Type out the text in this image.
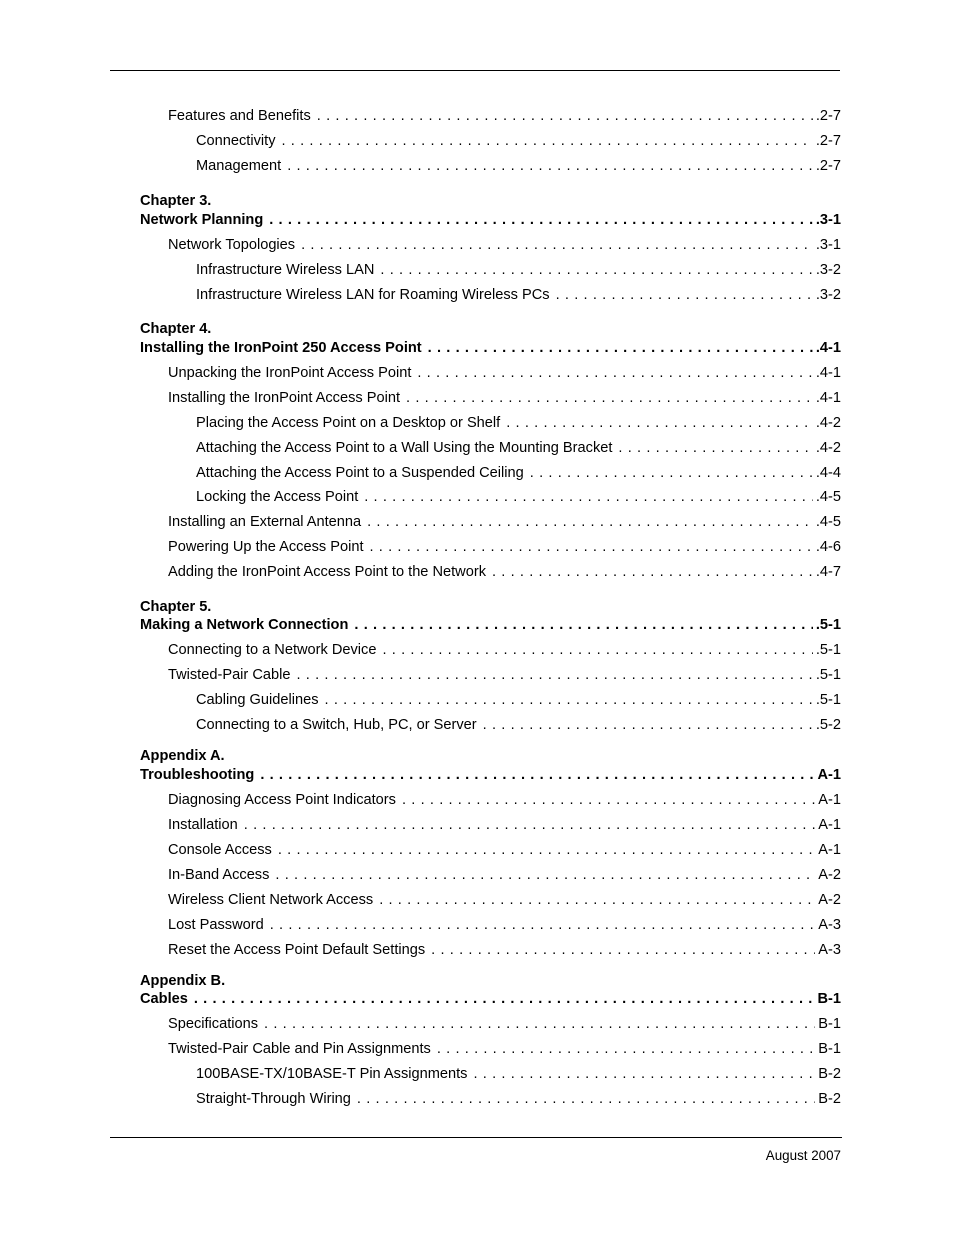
Features and Benefits . . .	.2-7
Connectivity . . .	.2-7
Management . . .	.2-7
Chapter 3.
Network Planning . . .	.3-1
Network Topologies . . .	.3-1
Infrastructure Wireless LAN . . .	.3-2
Infrastructure Wireless LAN for Roaming Wireless PCs . . .	.3-2
Chapter 4.
Installing the IronPoint 250 Access Point . . .	.4-1
Unpacking the IronPoint Access Point . . .	.4-1
Installing the IronPoint Access Point . . .	.4-1
Placing the Access Point on a Desktop or Shelf . . .	.4-2
Attaching the Access Point to a Wall Using the Mounting Bracket . . .	.4-2
Attaching the Access Point to a Suspended Ceiling . . .	.4-4
Locking the Access Point . . .	.4-5
Installing an External Antenna . . .	.4-5
Powering Up the Access Point . . .	.4-6
Adding the IronPoint Access Point to the Network . . .	.4-7
Chapter 5.
Making a Network Connection . . .	.5-1
Connecting to a Network Device . . .	.5-1
Twisted-Pair Cable . . .	.5-1
Cabling Guidelines . . .	.5-1
Connecting to a Switch, Hub, PC, or Server . . .	.5-2
Appendix A.
Troubleshooting . . .	A-1
Diagnosing Access Point Indicators . . .	A-1
Installation . . .	A-1
Console Access . . .	A-1
In-Band Access . . .	A-2
Wireless Client Network Access . . .	A-2
Lost Password . . .	A-3
Reset the Access Point Default Settings . . .	A-3
Appendix B.
Cables . . .	B-1
Specifications . . .	B-1
Twisted-Pair Cable and Pin Assignments . . .	B-1
100BASE-TX/10BASE-T Pin Assignments . . .	B-2
Straight-Through Wiring . . .	B-2
August 2007
